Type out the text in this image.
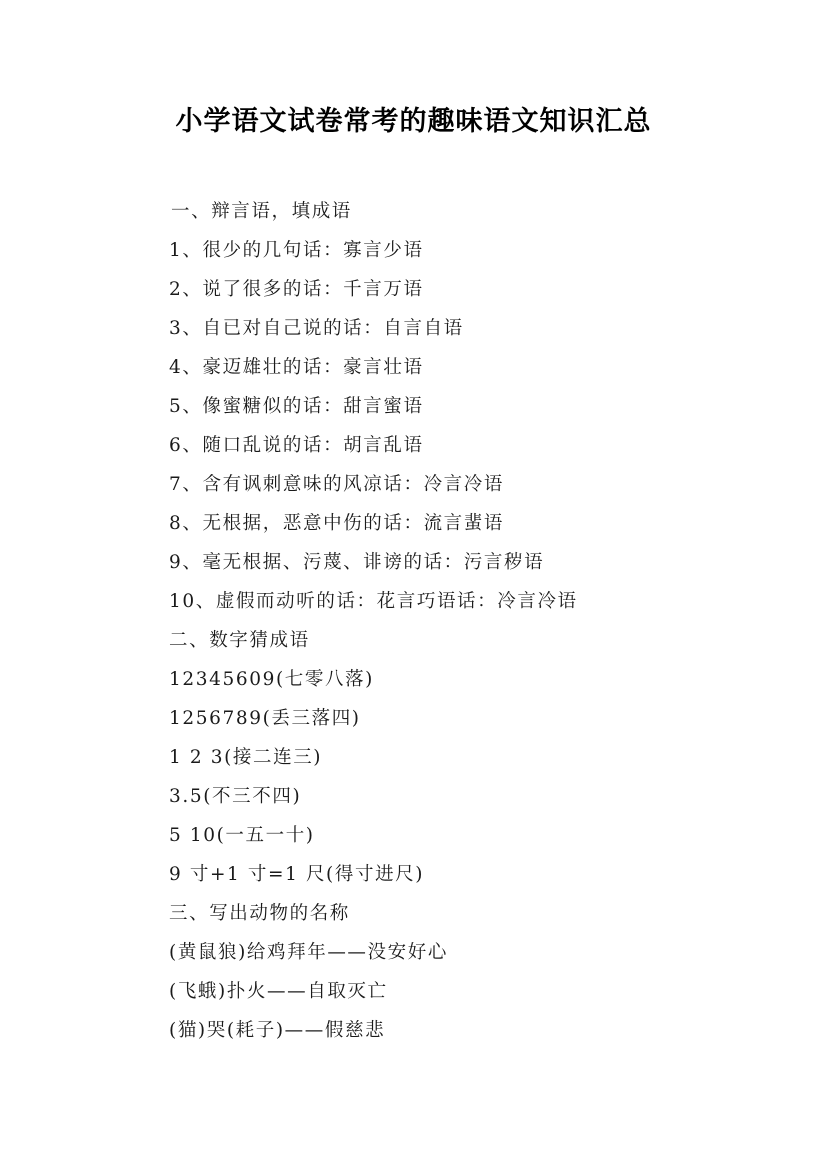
小学语文试卷常考的趣味语文知识汇总
一、辩言语，填成语
1、很少的几句话：寡言少语
2、说了很多的话：千言万语
3、自已对自己说的话：自言自语
4、豪迈雄壮的话：豪言壮语
5、像蜜糖似的话：甜言蜜语
6、随口乱说的话：胡言乱语
7、含有讽刺意味的风凉话：冷言冷语
8、无根据，恶意中伤的话：流言蜚语
9、毫无根据、污蔑、诽谤的话：污言秽语
10、虚假而动听的话：花言巧语话：冷言冷语
二、数字猜成语
12345609(七零八落)
1256789(丢三落四)
1 2 3(接二连三)
3.5(不三不四)
5 10(一五一十)
9 寸+1 寸=1 尺(得寸进尺)
三、写出动物的名称
(黄鼠狼)给鸡拜年——没安好心
(飞蛾)扑火——自取灭亡
(猫)哭(耗子)——假慈悲
